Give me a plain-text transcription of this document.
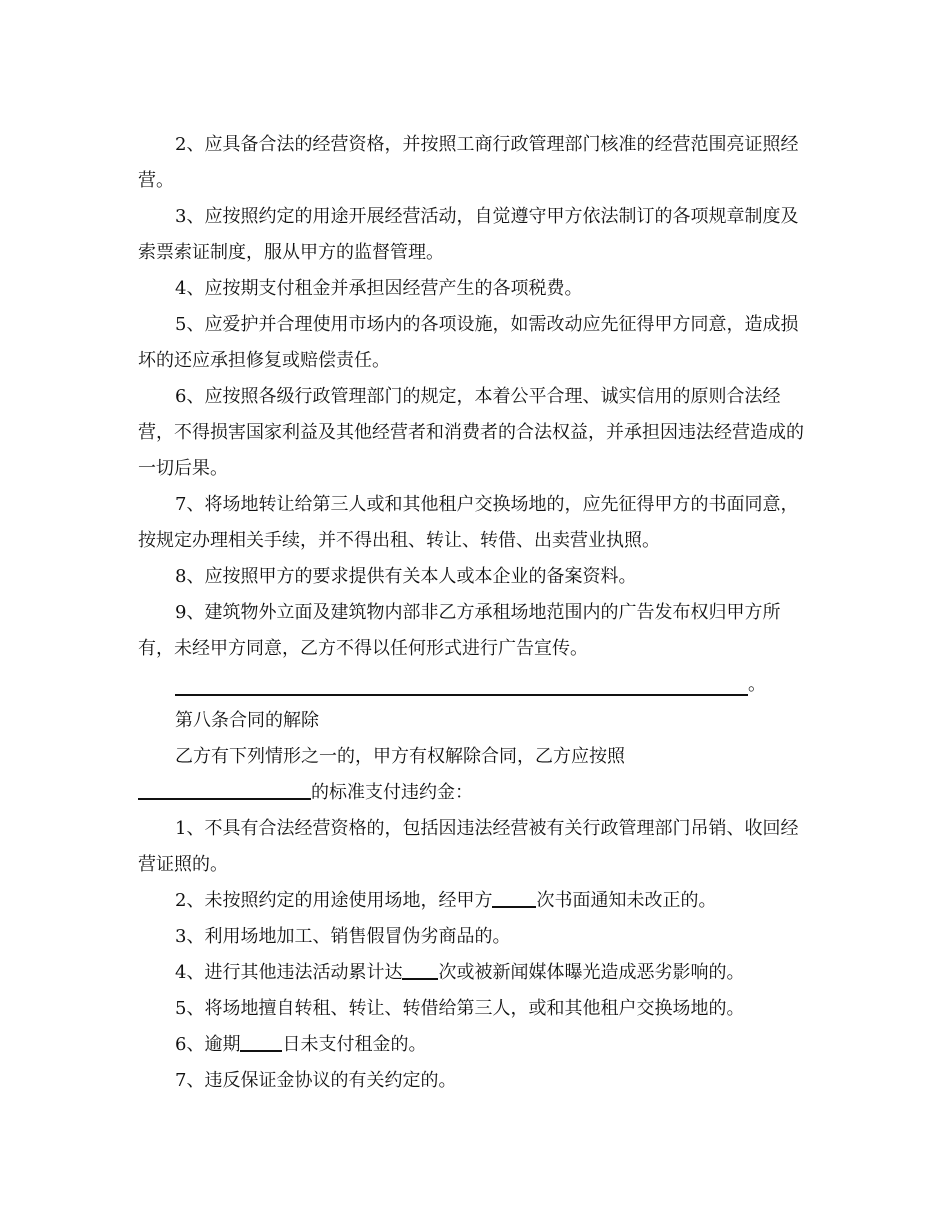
2、应具备合法的经营资格，并按照工商行政管理部门核准的经营范围亮证照经营。

3、应按照约定的用途开展经营活动，自觉遵守甲方依法制订的各项规章制度及索票索证制度，服从甲方的监督管理。

4、应按期支付租金并承担因经营产生的各项税费。

5、应爱护并合理使用市场内的各项设施，如需改动应先征得甲方同意，造成损坏的还应承担修复或赔偿责任。

6、应按照各级行政管理部门的规定，本着公平合理、诚实信用的原则合法经营，不得损害国家利益及其他经营者和消费者的合法权益，并承担因违法经营造成的一切后果。

7、将场地转让给第三人或和其他租户交换场地的，应先征得甲方的书面同意，按规定办理相关手续，并不得出租、转让、转借、出卖营业执照。

8、应按照甲方的要求提供有关本人或本企业的备案资料。

9、建筑物外立面及建筑物内部非乙方承租场地范围内的广告发布权归甲方所有，未经甲方同意，乙方不得以任何形式进行广告宣传。

。

第八条合同的解除

乙方有下列情形之一的，甲方有权解除合同，乙方应按照

的标准支付违约金：

1、不具有合法经营资格的，包括因违法经营被有关行政管理部门吊销、收回经营证照的。

2、未按照约定的用途使用场地，经甲方 次书面通知未改正的。

3、利用场地加工、销售假冒伪劣商品的。

4、进行其他违法活动累计达 次或被新闻媒体曝光造成恶劣影响的。

5、将场地擅自转租、转让、转借给第三人，或和其他租户交换场地的。

6、逾期 日未支付租金的。

7、违反保证金协议的有关约定的。
